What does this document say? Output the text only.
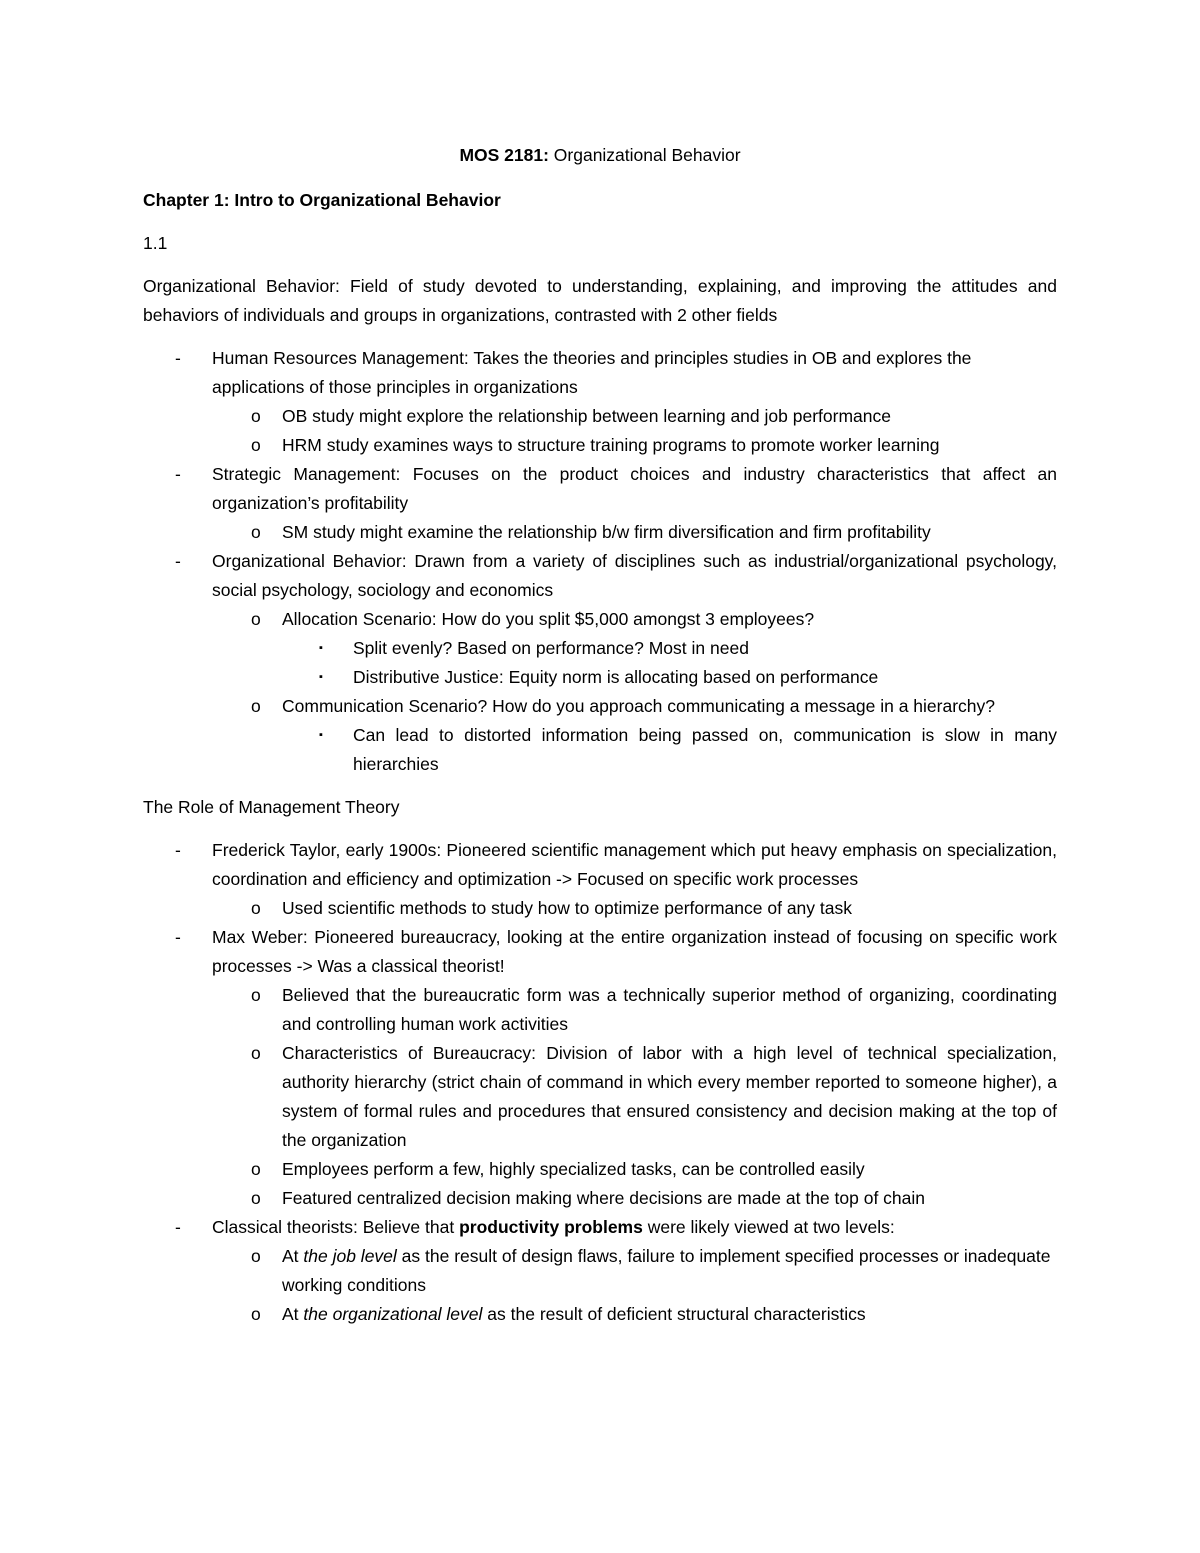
MOS 2181: Organizational Behavior

Chapter 1: Intro to Organizational Behavior

1.1

Organizational Behavior: Field of study devoted to understanding, explaining, and improving the attitudes and behaviors of individuals and groups in organizations, contrasted with 2 other fields

- Human Resources Management: Takes the theories and principles studies in OB and explores the applications of those principles in organizations
o OB study might explore the relationship between learning and job performance
o HRM study examines ways to structure training programs to promote worker learning
- Strategic Management: Focuses on the product choices and industry characteristics that affect an organization’s profitability
o SM study might examine the relationship b/w firm diversification and firm profitability
- Organizational Behavior: Drawn from a variety of disciplines such as industrial/organizational psychology, social psychology, sociology and economics
o Allocation Scenario: How do you split $5,000 amongst 3 employees?
▪ Split evenly? Based on performance? Most in need
▪ Distributive Justice: Equity norm is allocating based on performance
o Communication Scenario? How do you approach communicating a message in a hierarchy?
▪ Can lead to distorted information being passed on, communication is slow in many hierarchies

The Role of Management Theory

- Frederick Taylor, early 1900s: Pioneered scientific management which put heavy emphasis on specialization, coordination and efficiency and optimization -> Focused on specific work processes
o Used scientific methods to study how to optimize performance of any task
- Max Weber: Pioneered bureaucracy, looking at the entire organization instead of focusing on specific work processes -> Was a classical theorist!
o Believed that the bureaucratic form was a technically superior method of organizing, coordinating and controlling human work activities
o Characteristics of Bureaucracy: Division of labor with a high level of technical specialization, authority hierarchy (strict chain of command in which every member reported to someone higher), a system of formal rules and procedures that ensured consistency and decision making at the top of the organization
o Employees perform a few, highly specialized tasks, can be controlled easily
o Featured centralized decision making where decisions are made at the top of chain
- Classical theorists: Believe that productivity problems were likely viewed at two levels:
o At the job level as the result of design flaws, failure to implement specified processes or inadequate working conditions
o At the organizational level as the result of deficient structural characteristics
